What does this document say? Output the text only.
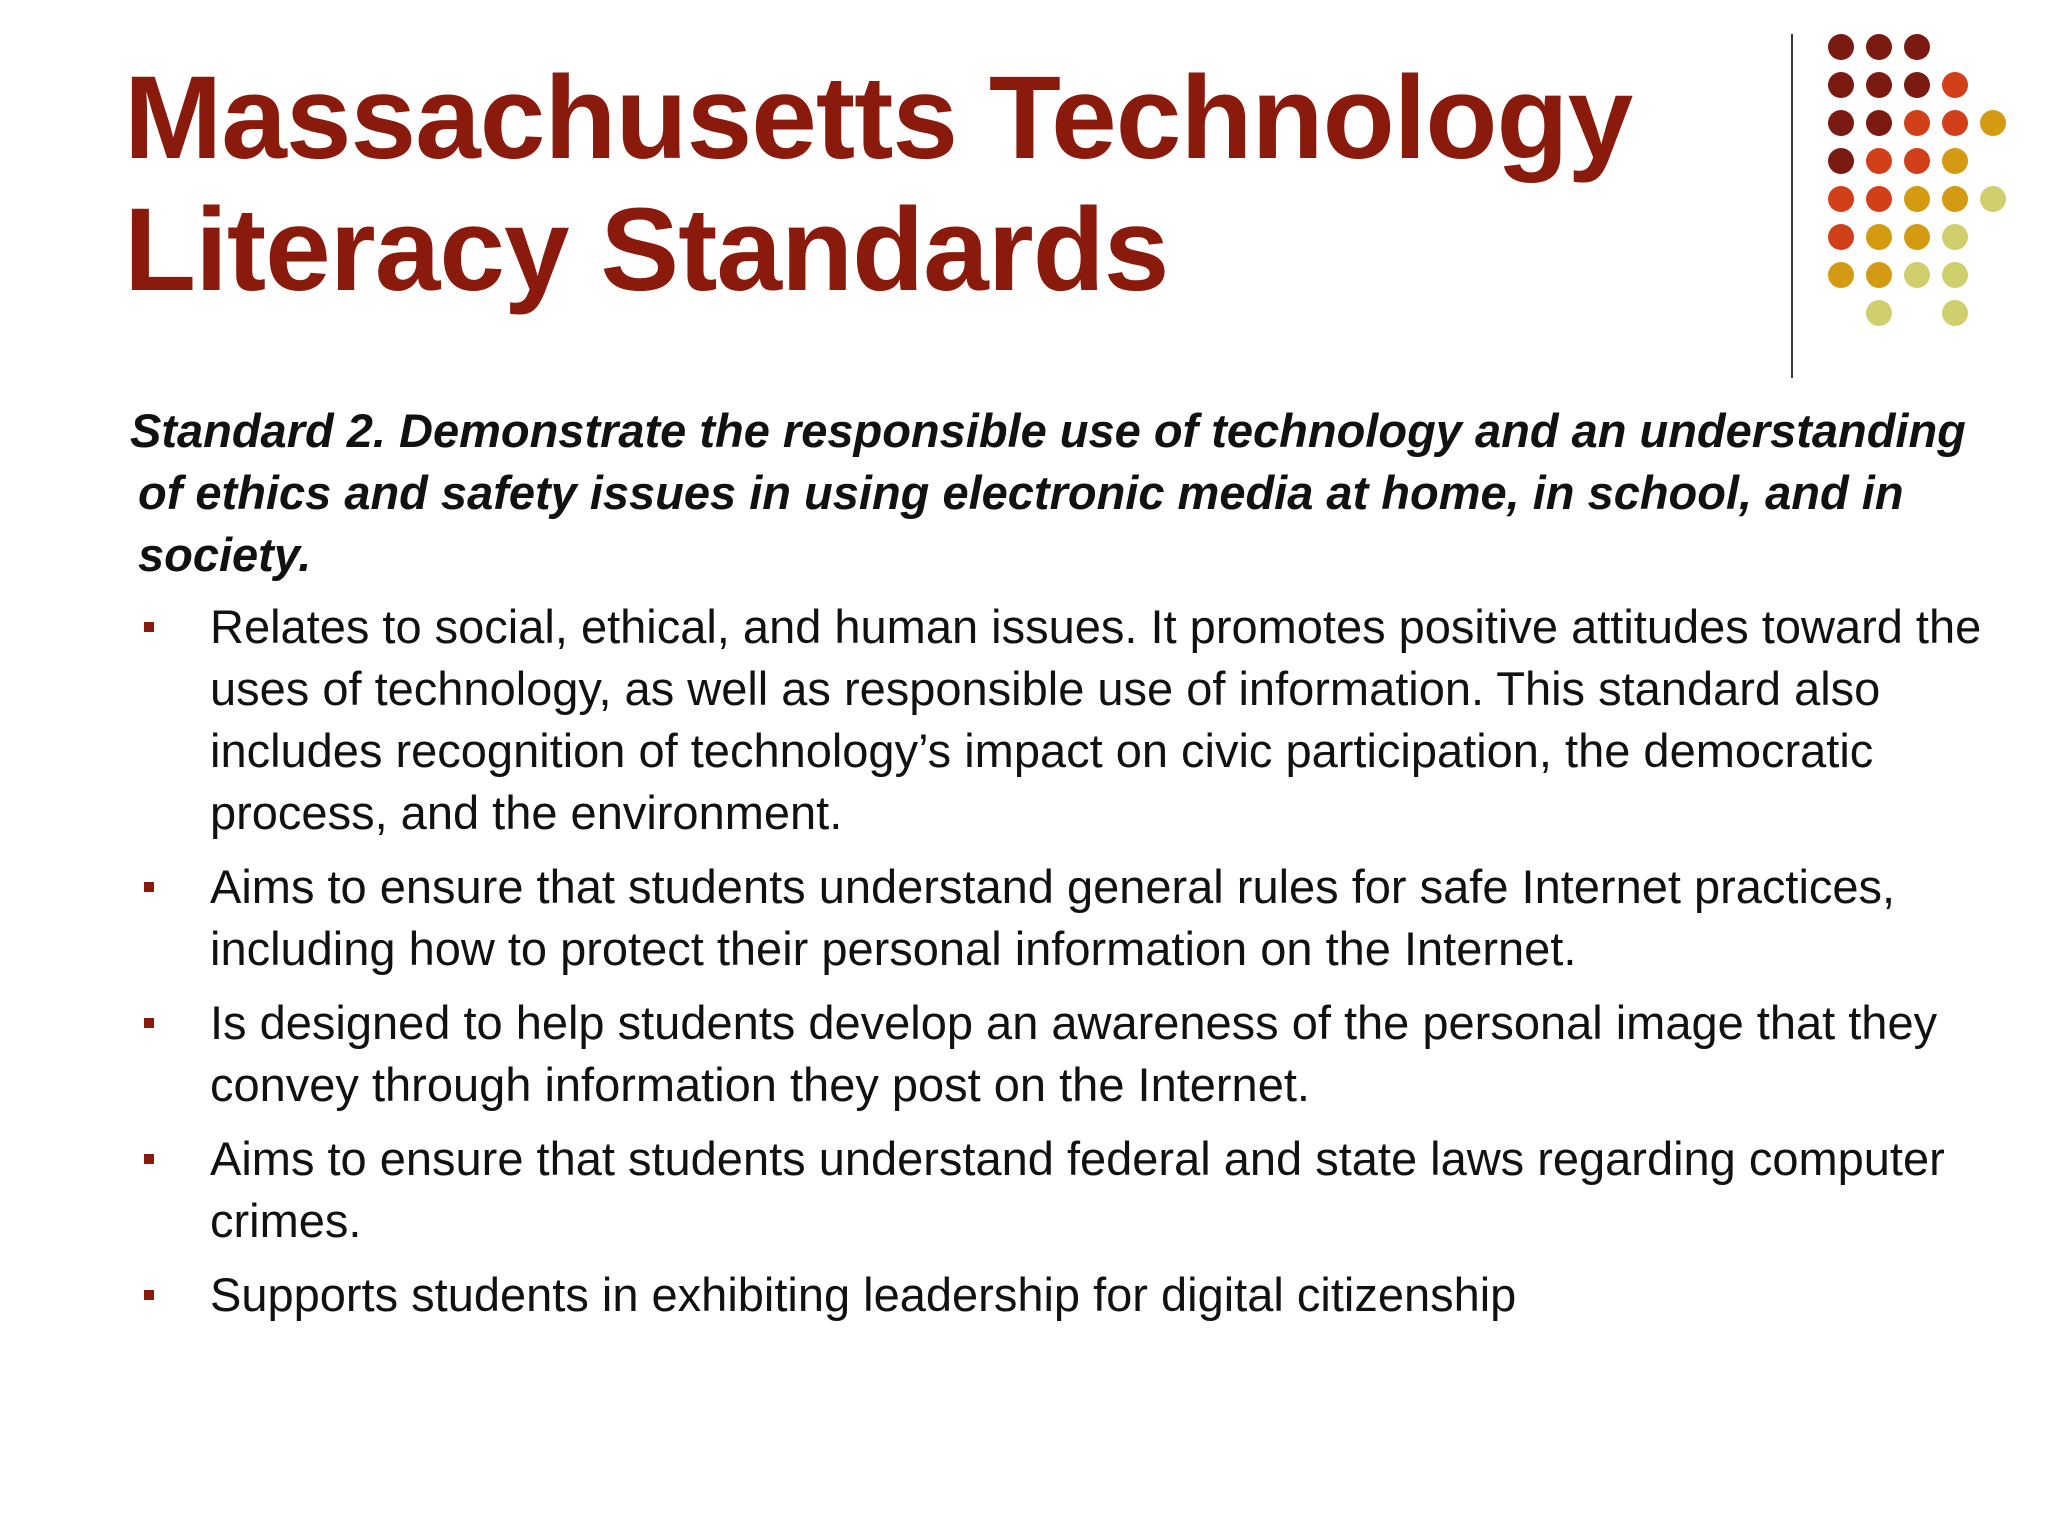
Massachusetts Technology
Literacy Standards

Standard 2. Demonstrate the responsible use of technology and an understanding of ethics and safety issues in using electronic media at home, in school, and in society.

Relates to social, ethical, and human issues. It promotes positive attitudes toward the uses of technology, as well as responsible use of information. This standard also includes recognition of technology’s impact on civic participation, the democratic process, and the environment.
Aims to ensure that students understand general rules for safe Internet practices, including how to protect their personal information on the Internet.
Is designed to help students develop an awareness of the personal image that they convey through information they post on the Internet.
Aims to ensure that students understand federal and state laws regarding computer crimes.
Supports students in exhibiting leadership for digital citizenship
